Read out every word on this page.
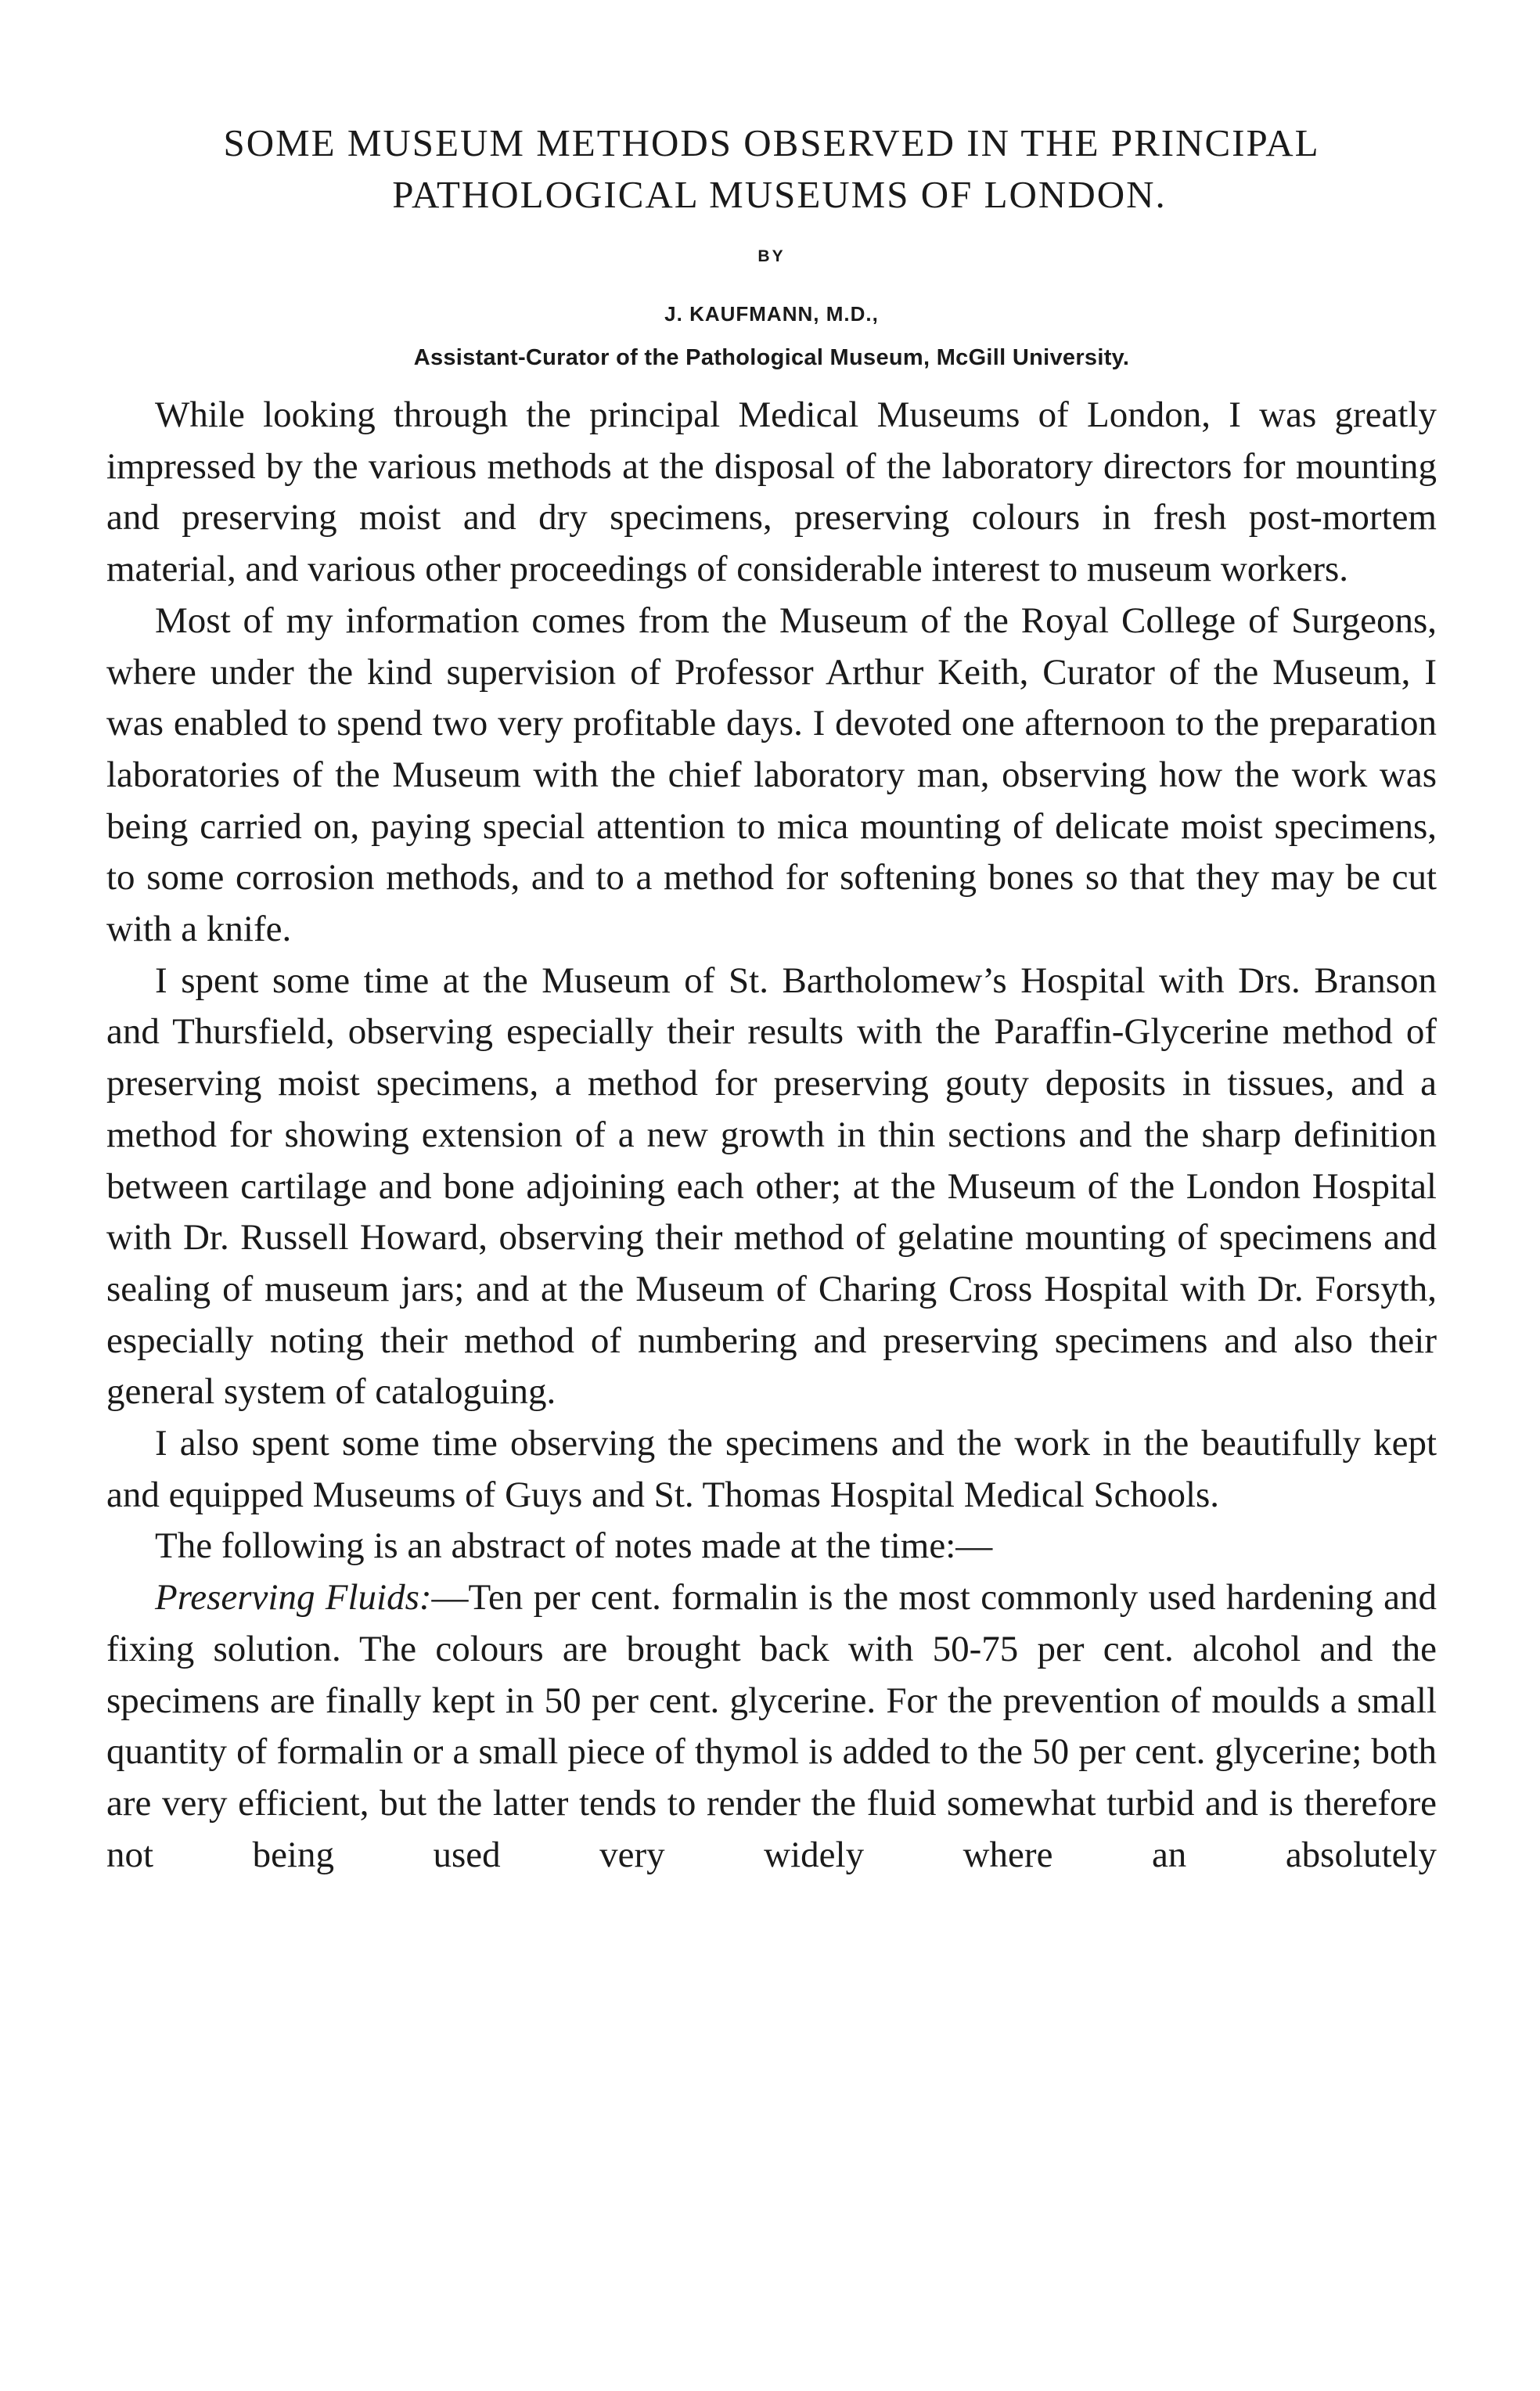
SOME MUSEUM METHODS OBSERVED IN THE PRINCIPAL
PATHOLOGICAL MUSEUMS OF LONDON.
BY
J. KAUFMANN, M.D.,
Assistant-Curator of the Pathological Museum, McGill University.

While looking through the principal Medical Museums of London, I was greatly impressed by the various methods at the disposal of the laboratory directors for mounting and preserving moist and dry specimens, preserving colours in fresh post-mortem material, and various other proceedings of considerable interest to museum workers.

Most of my information comes from the Museum of the Royal College of Surgeons, where under the kind supervision of Professor Arthur Keith, Curator of the Museum, I was enabled to spend two very profitable days. I devoted one afternoon to the preparation laboratories of the Museum with the chief laboratory man, observing how the work was being carried on, paying special attention to mica mounting of delicate moist specimens, to some corrosion methods, and to a method for softening bones so that they may be cut with a knife.

I spent some time at the Museum of St. Bartholomew’s Hospital with Drs. Branson and Thursfield, observing especially their results with the Paraffin-Glycerine method of preserving moist specimens, a method for preserving gouty deposits in tissues, and a method for showing extension of a new growth in thin sections and the sharp definition between cartilage and bone adjoining each other; at the Museum of the London Hospital with Dr. Russell Howard, observing their method of gelatine mounting of specimens and sealing of museum jars; and at the Museum of Charing Cross Hospital with Dr. Forsyth, especially noting their method of numbering and preserving specimens and also their general system of cataloguing.

I also spent some time observing the specimens and the work in the beautifully kept and equipped Museums of Guys and St. Thomas Hospital Medical Schools.

The following is an abstract of notes made at the time:—

Preserving Fluids:—Ten per cent. formalin is the most commonly used hardening and fixing solution. The colours are brought back with 50-75 per cent. alcohol and the specimens are finally kept in 50 per cent. glycerine. For the prevention of moulds a small quantity of formalin or a small piece of thymol is added to the 50 per cent. glycerine; both are very efficient, but the latter tends to render the fluid somewhat turbid and is therefore not being used very widely where an absolutely
